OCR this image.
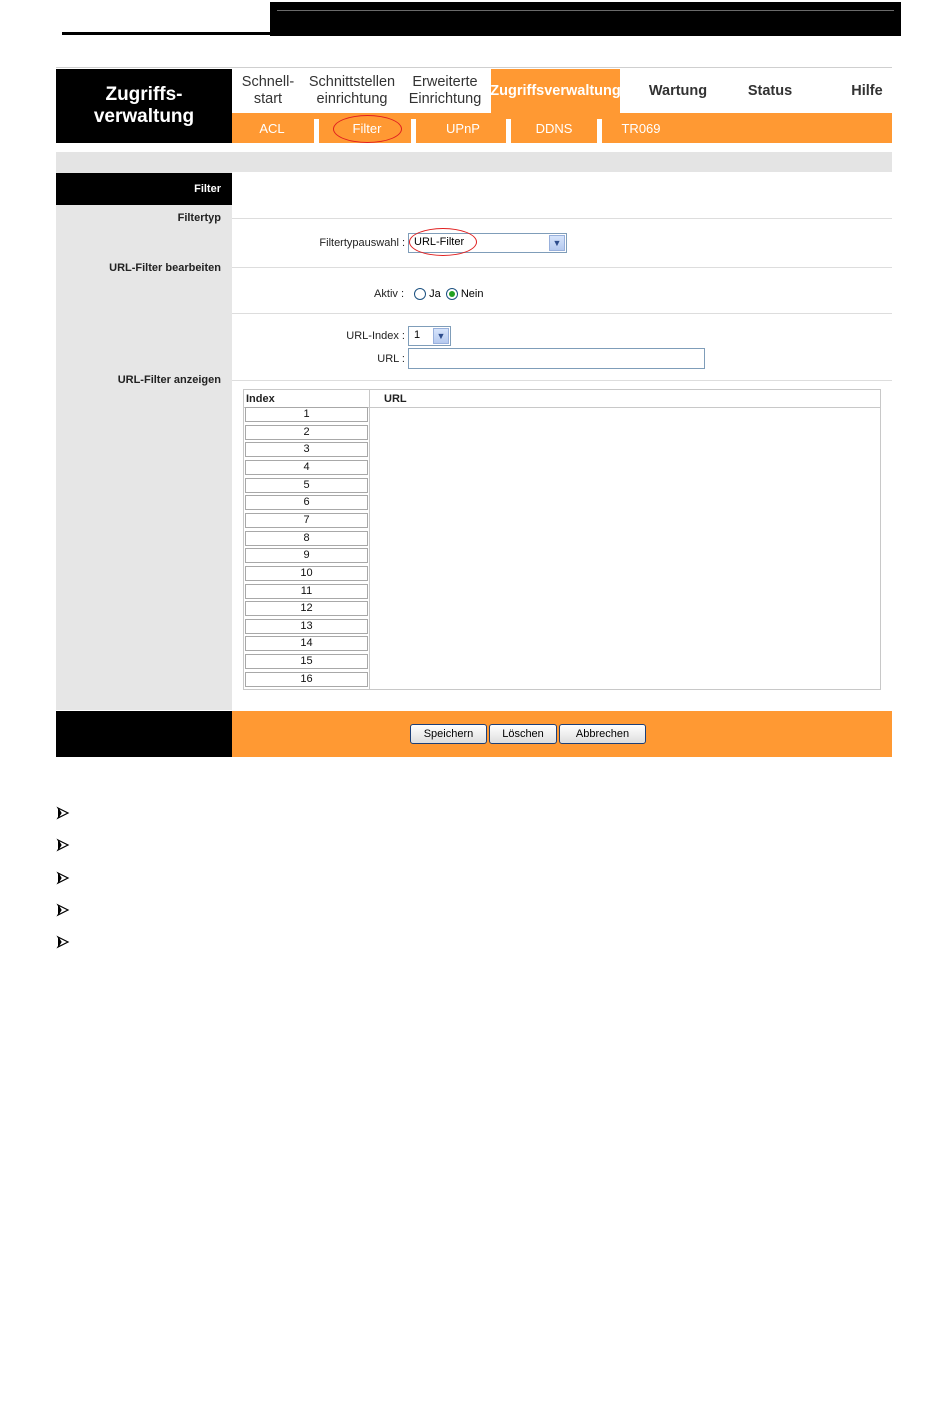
Zugriffs-
verwaltung
Schnell-
start
Schnittstellen
einrichtung
Erweiterte
Einrichtung
Zugriffsverwaltung Wartung	Status	Hilfe
ACL	Filter	UPnP	DDNS	TR069
Filter
Filtertyp
URL-Filter bearbeiten
URL-Filter anzeigen
Filtertypauswahl : URL-Filter	▼
Aktiv :	Ja Nein
URL-Index : 1	▼
URL :
Index	URL
1
2
3
4
5
6
7
8
9
10
11
12
13
14
15
16
Speichern	Löschen	Abbrechen
